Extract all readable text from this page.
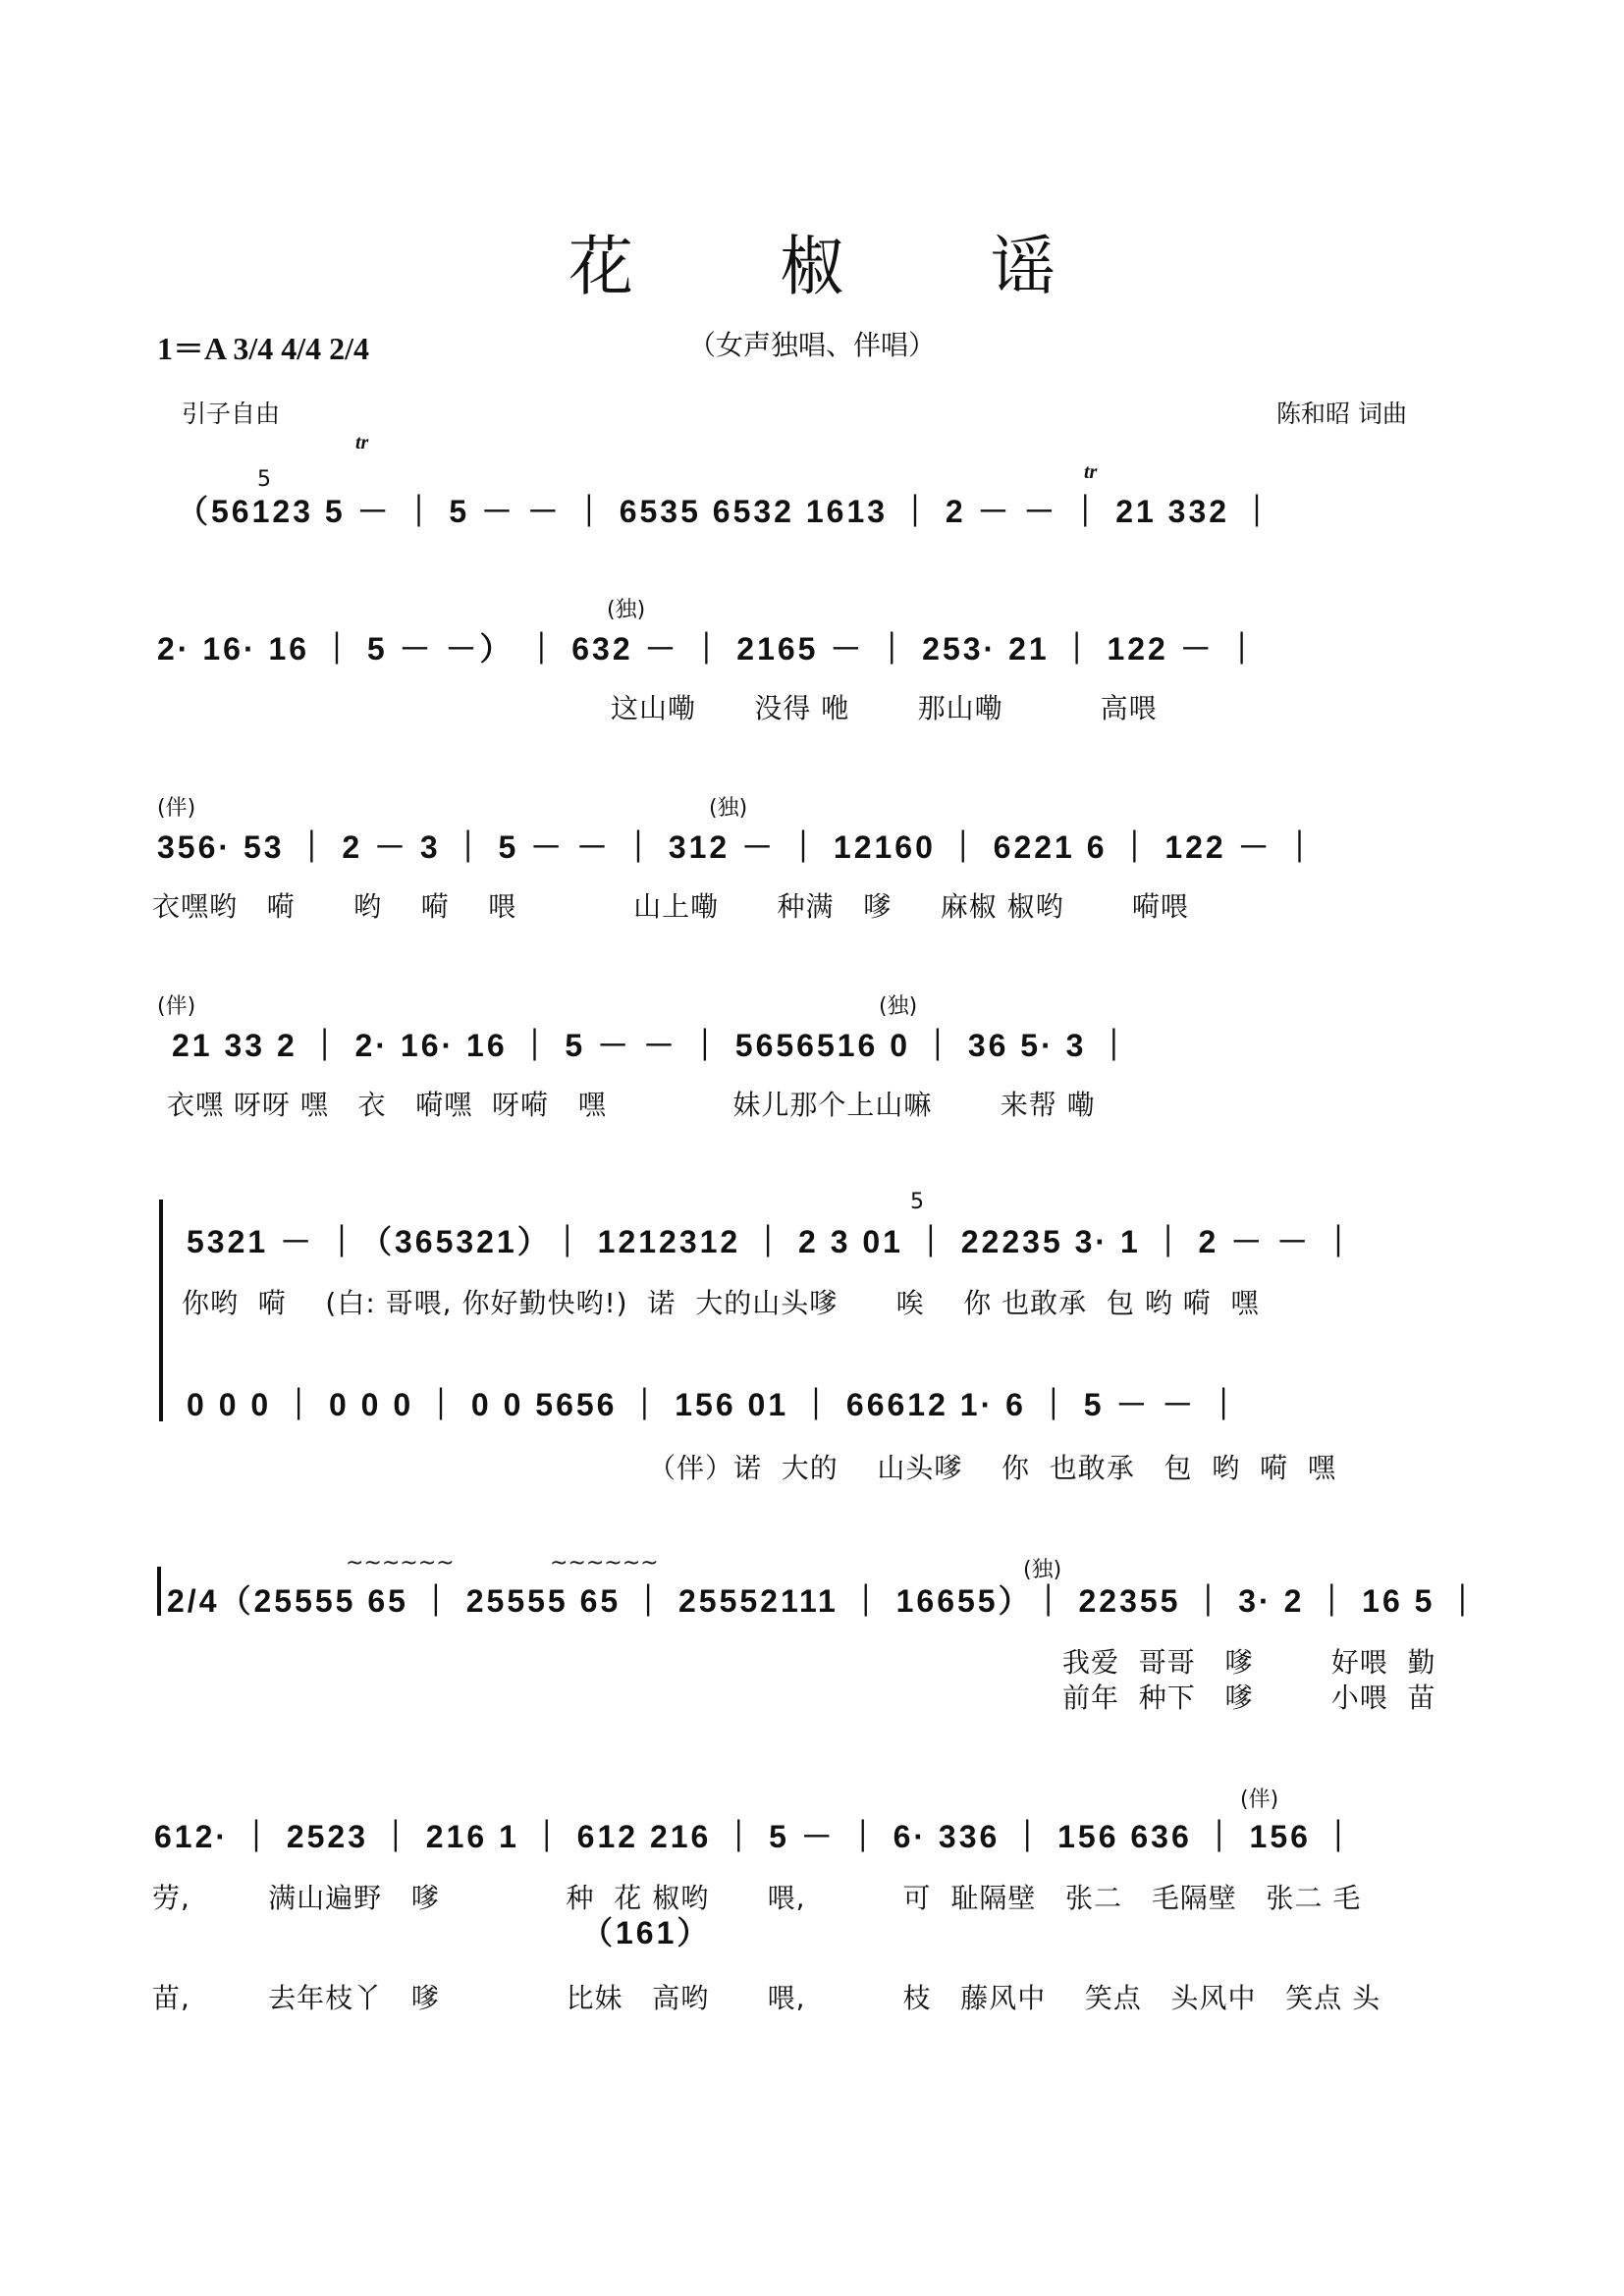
花 椒 谣
1＝A 3/4 4/4 2/4	（女声独唱、伴唱）
引子自由	陈和昭 词曲
tr
tr
5
（56123 5 － ｜ 5 － － ｜ 6535 6532 1613 ｜ 2 － － ｜ 21 332 ｜
(独)
2· 16· 16 ｜ 5 － －） ｜ 632 － ｜ 2165 － ｜ 253· 21 ｜ 122 － ｜
这山嘞      没得 咃       那山嘞          高喂
(伴)	(独)
356· 53 ｜ 2 － 3 ｜ 5 － － ｜ 312 － ｜ 12160 ｜ 6221 6 ｜ 122 － ｜
衣嘿哟   嗬      哟    嗬    喂            山上嘞      种满   嗲     麻椒 椒哟       嗬喂
(伴)	(独)
21 33 2 ｜ 2· 16· 16 ｜ 5 － － ｜ 5656516 0 ｜ 36 5· 3 ｜
衣嘿 呀呀 嘿   衣   嗬嘿  呀嗬   嘿             妹儿那个上山嘛       来帮 嘞
5
5321 － ｜（365321）｜ 1212312 ｜ 2 3 01 ｜ 22235 3· 1 ｜ 2 － － ｜
你哟  嗬    (白: 哥喂, 你好勤快哟!)  诺  大的山头嗲      唉    你 也敢承  包 哟 嗬  嘿
0 0 0 ｜ 0 0 0 ｜ 0 0 5656 ｜ 156 01 ｜ 66612 1· 6 ｜ 5 － － ｜
（伴）诺  大的    山头嗲    你  也敢承   包  哟  嗬  嘿
(独)
~~~~~~	~~~~~~
2/4（25555 65 ｜ 25555 65 ｜ 25552111 ｜ 16655）｜ 22355 ｜ 3· 2 ｜ 16 5 ｜
我爱  哥哥   嗲        好喂  勤
前年  种下   嗲        小喂  苗
(伴)
612· ｜ 2523 ｜ 216 1 ｜ 612 216 ｜ 5 － ｜ 6· 336 ｜ 156 636 ｜ 156 ｜
劳,        满山遍野   嗲             种  花 椒哟      喂,          可  耻隔壁   张二   毛隔壁   张二 毛
（161）
苗,        去年枝丫   嗲             比妹   高哟      喂,          枝   藤风中    笑点   头风中   笑点 头
